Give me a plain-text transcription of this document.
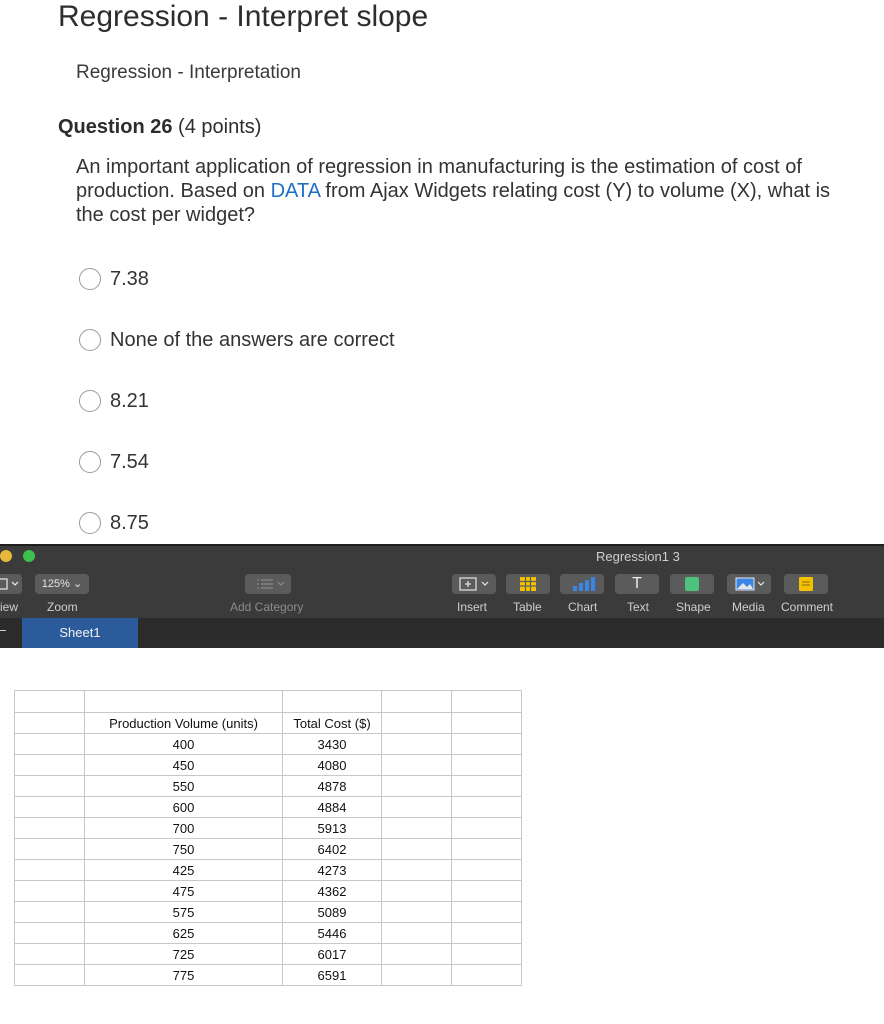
Regression - Interpret slope
Regression - Interpretation
Question 26 (4 points)
An important application of regression in manufacturing is the estimation of cost of production. Based on DATA from Ajax Widgets relating cost (Y) to volume (X), what is the cost per widget?
7.38
None of the answers are correct
8.21
7.54
8.75
Regression1 3
iew
125% ⌄
Zoom	Add Category	Insert Table Chart
T
Text Shape Media Comment
Sheet1

	Production Volume (units)	Total Cost ($)		
	400	3430		
	450	4080		
	550	4878		
	600	4884		
	700	5913		
	750	6402		
	425	4273		
	475	4362		
	575	5089		
	625	5446		
	725	6017		
	775	6591		
